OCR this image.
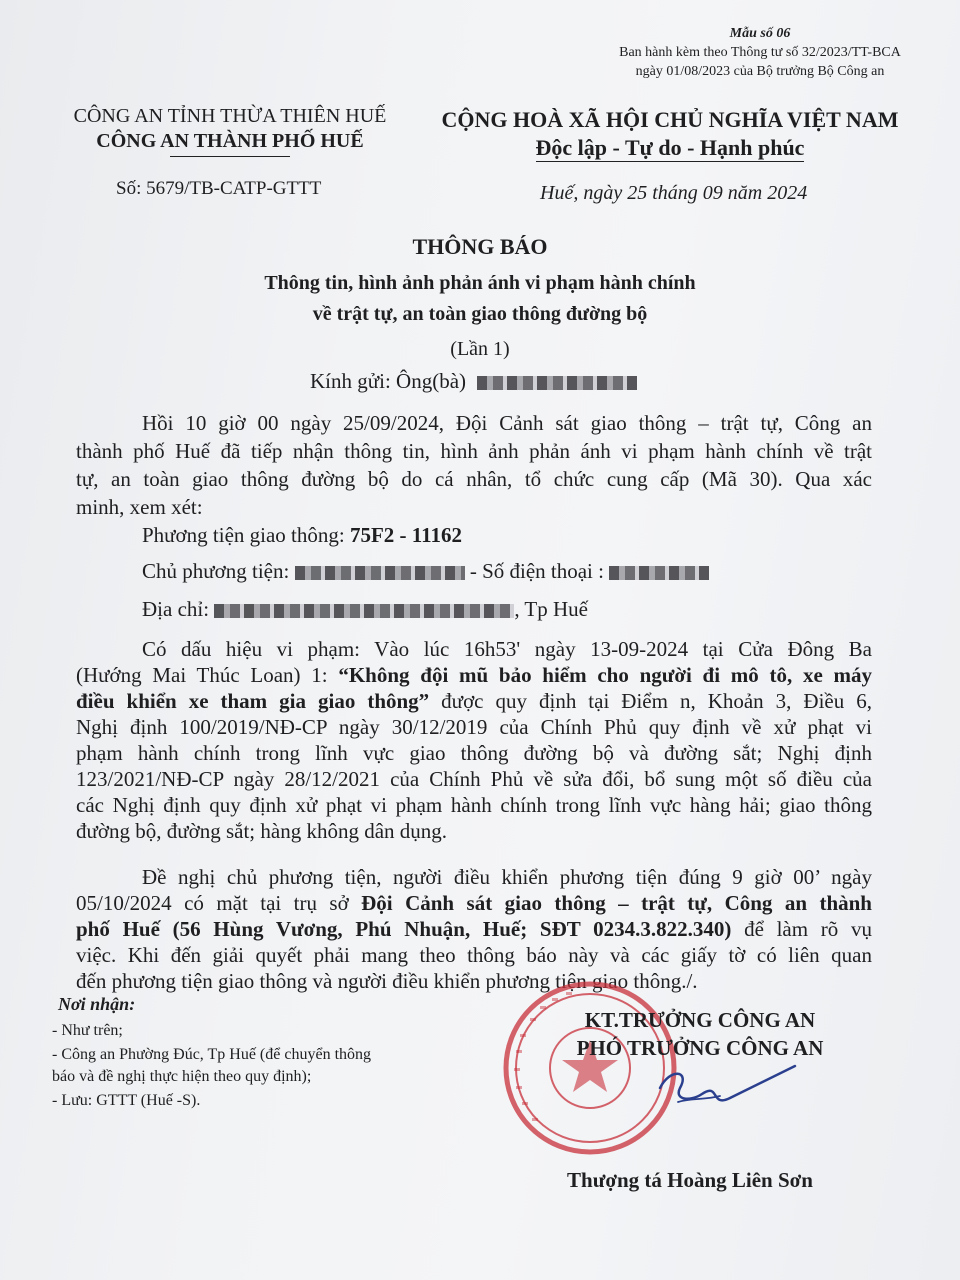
Mẫu số 06
Ban hành kèm theo Thông tư số 32/2023/TT-BCA
ngày 01/08/2023 của Bộ trưởng Bộ Công an
CÔNG AN TỈNH THỪA THIÊN HUẾ
CÔNG AN THÀNH PHỐ HUẾ
CỘNG HOÀ XÃ HỘI CHỦ NGHĨA VIỆT NAM
Độc lập - Tự do - Hạnh phúc
Số: 5679/TB-CATP-GTTT	Huế, ngày 25 tháng 09 năm 2024
THÔNG BÁO
Thông tin, hình ảnh phản ánh vi phạm hành chính
về trật tự, an toàn giao thông đường bộ
(Lần 1)
Kính gửi: Ông(bà)
Hồi 10 giờ 00 ngày 25/09/2024, Đội Cảnh sát giao thông – trật tự, Công an
thành phố Huế đã tiếp nhận thông tin, hình ảnh phản ánh vi phạm hành chính về trật
tự, an toàn giao thông đường bộ do cá nhân, tổ chức cung cấp (Mã 30). Qua xác
minh, xem xét:
Phương tiện giao thông: 75F2 - 11162
Chủ phương tiện:	- Số điện thoại :
Địa chỉ:	, Tp Huế
Có dấu hiệu vi phạm: Vào lúc 16h53' ngày 13-09-2024 tại Cửa Đông Ba
(Hướng Mai Thúc Loan) 1: “Không đội mũ bảo hiểm cho người đi mô tô, xe máy
điều khiển xe tham gia giao thông” được quy định tại Điểm n, Khoản 3, Điều 6,
Nghị định 100/2019/NĐ-CP ngày 30/12/2019 của Chính Phủ quy định về xử phạt vi
phạm hành chính trong lĩnh vực giao thông đường bộ và đường sắt; Nghị định
123/2021/NĐ-CP ngày 28/12/2021 của Chính Phủ về sửa đổi, bổ sung một số điều của
các Nghị định quy định xử phạt vi phạm hành chính trong lĩnh vực hàng hải; giao thông
đường bộ, đường sắt; hàng không dân dụng.
Đề nghị chủ phương tiện, người điều khiển phương tiện đúng 9 giờ 00’ ngày
05/10/2024 có mặt tại trụ sở Đội Cảnh sát giao thông – trật tự, Công an thành
phố Huế (56 Hùng Vương, Phú Nhuận, Huế; SĐT 0234.3.822.340) để làm rõ vụ
việc. Khi đến giải quyết phải mang theo thông báo này và các giấy tờ có liên quan
đến phương tiện giao thông và người điều khiển phương tiện giao thông./.
Nơi nhận:
- Như trên;
- Công an Phường Đúc, Tp Huế (để chuyển thông
báo và đề nghị thực hiện theo quy định);
- Lưu: GTTT (Huế -S).
KT.TRƯỞNG CÔNG AN
PHÓ TRƯỞNG CÔNG AN
Thượng tá Hoàng Liên Sơn
